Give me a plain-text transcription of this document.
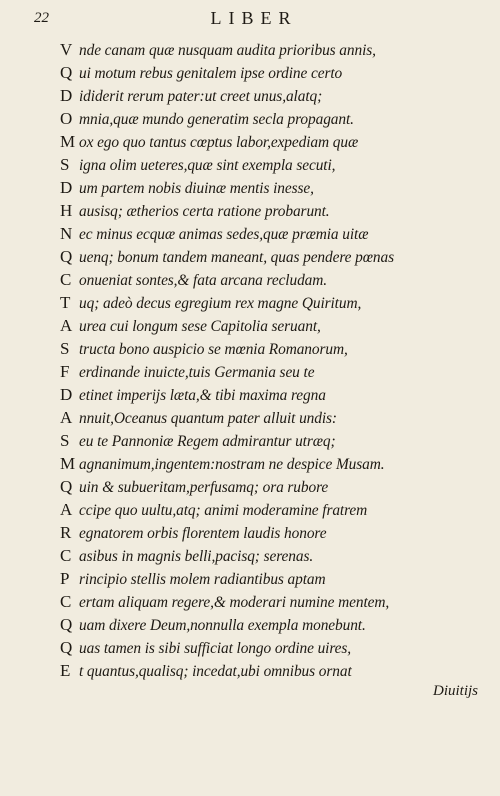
22	LIBER
V nde canam quæ nusquam audita prioribus annis,
Q ui motum rebus genitalem ipse ordine certo
D ididerit rerum pater:ut creet unus,alatq;
O mnia,quæ mundo generatim secla propagant.
M ox ego quo tantus cœptus labor,expediam quæ
S igna olim ueteres,quæ sint exempla secuti,
D um partem nobis diuinæ mentis inesse,
H ausisq; ætherios certa ratione probarunt.
N ec minus ecquæ animas sedes,quæ præmia uitæ
Q uenq; bonum tandem maneant, quas pendere pœnas
C onueniat sontes,& fata arcana recludam.
T uq; adeò decus egregium rex magne Quiritum,
A urea cui longum sese Capitolia seruant,
S tructa bono auspicio se mœnia Romanorum,
F erdinande inuicte,tuis Germania seu te
D etinet imperijs læta,& tibi maxima regna
A nnuit,Oceanus quantum pater alluit undis:
S eu te Pannoniæ Regem admirantur utræq;
M agnanimum,ingentem:nostram ne despice Musam.
Q uin & subueritam,perfusamq; ora rubore
A ccipe quo uultu,atq; animi moderamine fratrem
R egnatorem orbis florentem laudis honore
C asibus in magnis belli,pacisq; serenas.
P rincipio stellis molem radiantibus aptam
C ertam aliquam regere,& moderari numine mentem,
Q uam dixere Deum,nonnulla exempla monebunt.
Q uas tamen is sibi sufficiat longo ordine uires,
E t quantus,qualisq; incedat,ubi omnibus ornat
Diuitijs
